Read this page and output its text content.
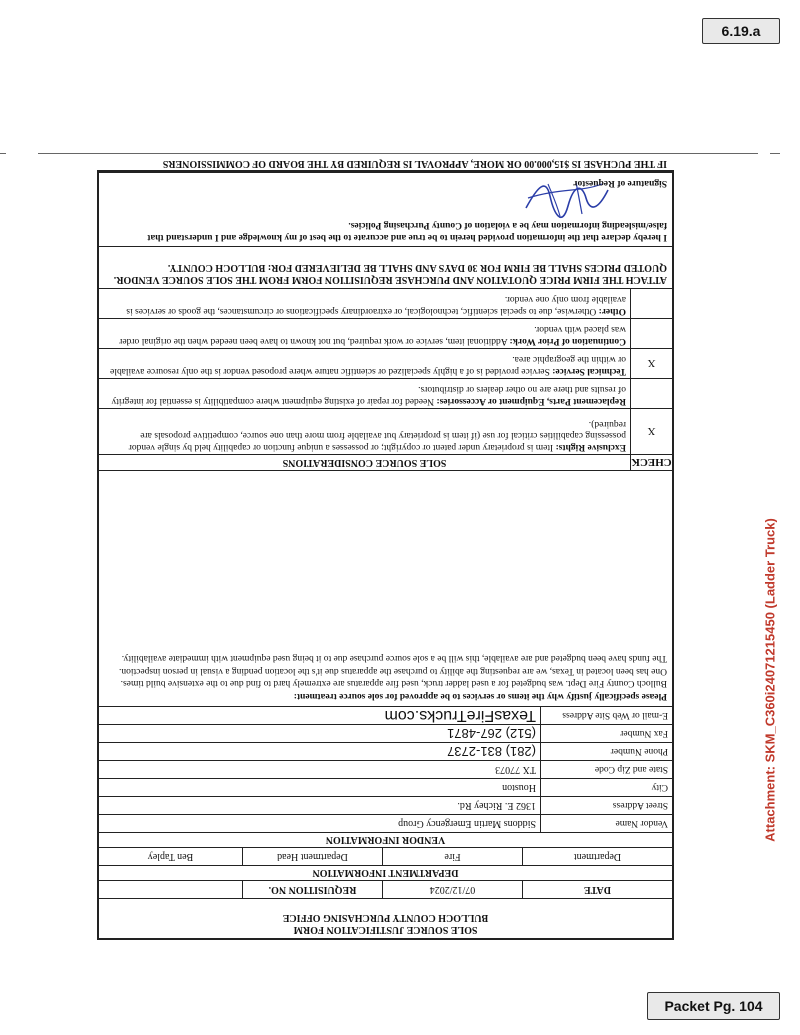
6.19.a
Attachment: SKM_C360i24071215450 (Ladder Truck)
SOLE SOURCE JUSTIFICATION FORM
BULLOCH COUNTY PURCHASING OFFICE
DATE
07/12/2024
REQUISITION NO.
DEPARTMENT INFORMATION
Department
Fire
Department Head
Ben Tapley
VENDOR INFORMATION
Vendor Name
Siddons Martin Emergency Group
Street Address
1362 E. Richey Rd.
City
Houston
State and Zip Code
TX 77073
Phone Number
(281) 831-2737
Fax Number
(512) 267-4871
E-mail or Web Site Address
TexasFireTrucks.com
Please specifically justify why the items or services to be approved for sole source treatment:
Bulloch County Fire Dept. was budgeted for a used ladder truck, used fire apparatus are extremely hard to find due to the extensive build times. One has been located in Texas, we are requesting the ability to purchase the apparatus due it's the location pending a visual in person inspection. The funds have been budgeted and are available, this will be a sole source purchase due to it being used equipment with immediate availability.
CHECK
SOLE SOURCE CONSIDERATIONS
X
Exclusive Rights: Item is proprietary under patent or copyright; or possesses a unique function or capability held by single vendor possessing capabilities critical for use (if item is proprietary but available from more than one source, competitive proposals are required).
Replacement Parts, Equipment or Accessories: Needed for repair of existing equipment where compatibility is essential for integrity of results and there are no other dealers or distributors.
X
Technical Service: Service provided is of a highly specialized or scientific nature where proposed vendor is the only resource available or within the geographic area.
Continuation of Prior Work: Additional item, service or work required, but not known to have been needed when the original order was placed with vendor.
Other: Otherwise, due to special scientific, technological, or extraordinary specifications or circumstances, the goods or services is available from only one vendor.
ATTACH THE FIRM PRICE QUOTATION AND PURCHASE REQUISITION FORM FROM THE SOLE SOURCE VENDOR. QUOTED PRICES SHALL BE FIRM FOR 30 DAYS AND SHALL BE DELIEVERED FOR: BULLOCH COUNTY.
I hereby declare that the information provided herein to be true and accurate to the best of my knowledge and I understand that false/misleading information may be a violation of County Purchasing Policies.
Signature of Requestor
IF THE PUCHASE IS $15,000.00 OR MORE, APPROVAL IS REQUIRED BY THE BOARD OF COMMISSIONERS
Packet Pg. 104
